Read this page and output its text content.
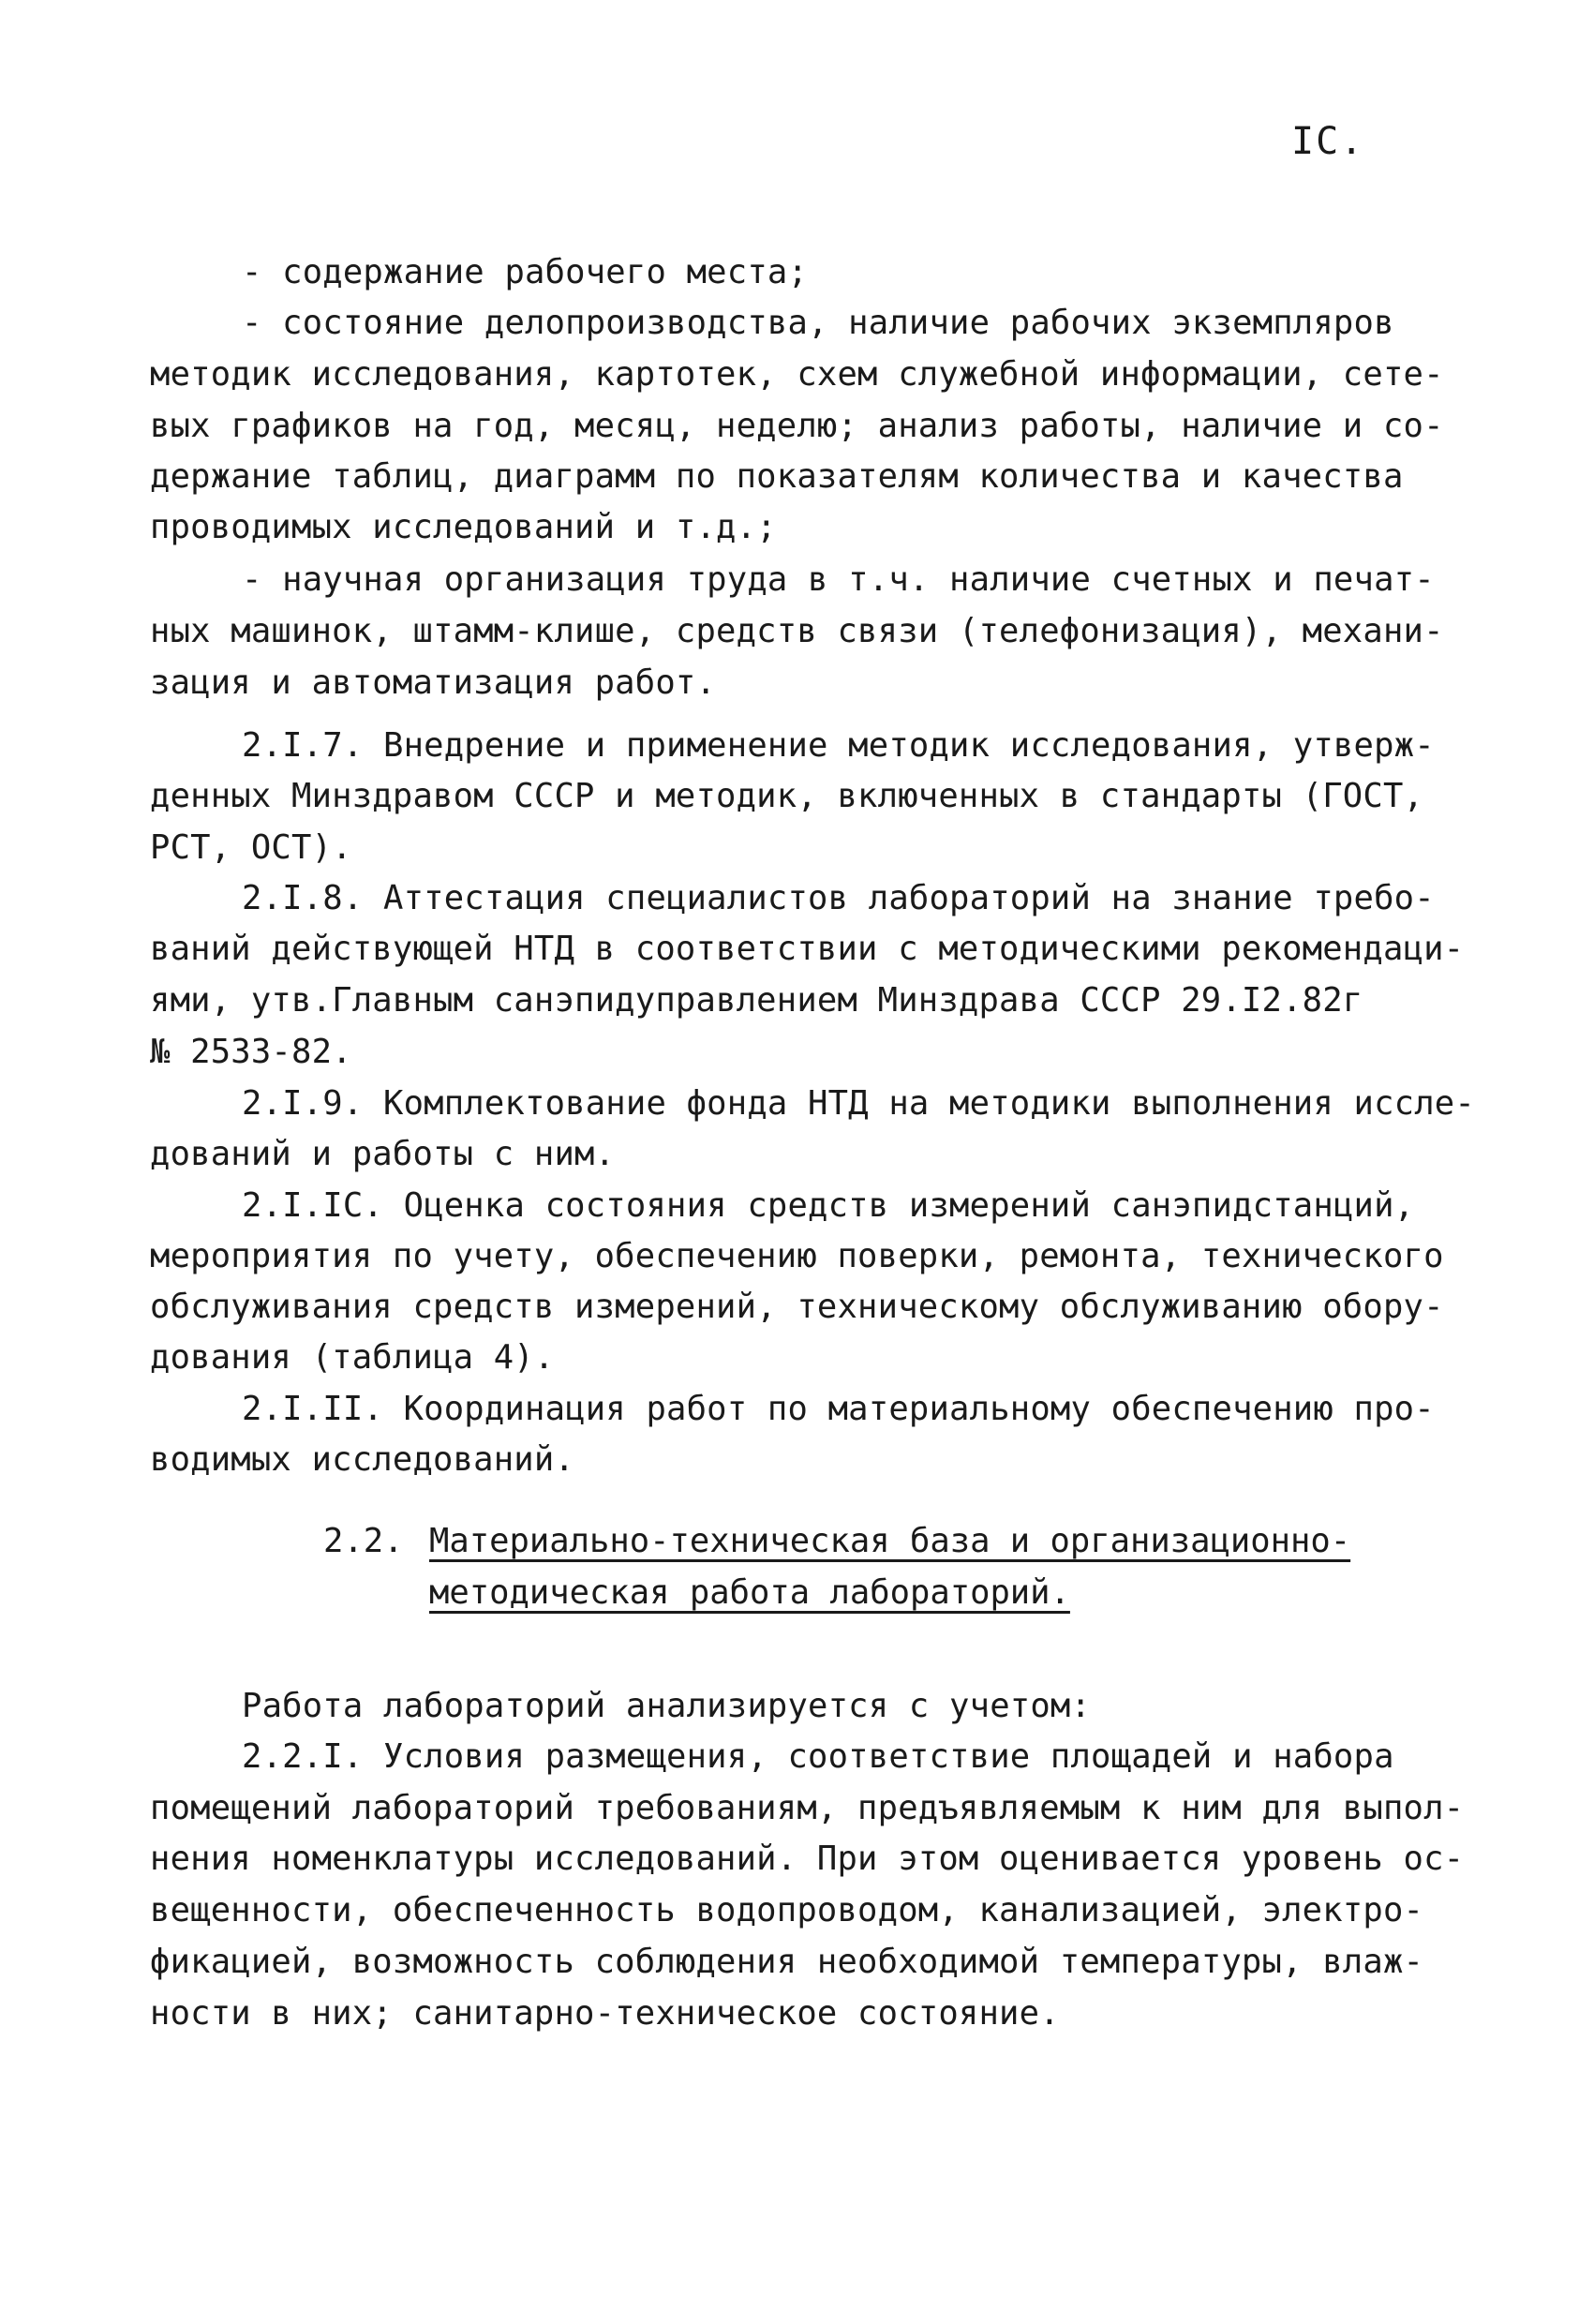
IC.
- содержание рабочего места;
- состояние делопроизводства, наличие рабочих экземпляров
методик исследования, картотек, схем служебной информации, сете-
вых графиков на год, месяц, неделю; анализ работы, наличие и со-
держание таблиц, диаграмм по показателям количества и качества
проводимых исследований и т.д.;
- научная организация труда в т.ч. наличие счетных и печат-
ных машинок, штамм-клише, средств связи (телефонизация), механи-
зация и автоматизация работ.
2.I.7. Внедрение и применение методик исследования, утверж-
денных Минздравом СССР и методик, включенных в стандарты (ГОСТ,
РСТ, ОСТ).
2.I.8. Аттестация специалистов лабораторий на знание требо-
ваний действующей НТД в соответствии с методическими рекомендаци-
ями, утв.Главным санэпидуправлением Минздрава СССР 29.I2.82г
№ 2533-82.
2.I.9. Комплектование фонда НТД на методики выполнения иссле-
дований и работы с ним.
2.I.IC. Оценка состояния средств измерений санэпидстанций,
мероприятия по учету, обеспечению поверки, ремонта, технического
обслуживания средств измерений, техническому обслуживанию обору-
дования (таблица 4).
2.I.II. Координация работ по материальному обеспечению про-
водимых исследований.
2.2. Материально-техническая база и организационно-
методическая работа лабораторий.
Работа лабораторий анализируется с учетом:
2.2.I. Условия размещения, соответствие площадей и набора
помещений лабораторий требованиям, предъявляемым к ним для выпол-
нения номенклатуры исследований. При этом оценивается уровень ос-
вещенности, обеспеченность водопроводом, канализацией, электро-
фикацией, возможность соблюдения необходимой температуры, влаж-
ности в них; санитарно-техническое состояние.
